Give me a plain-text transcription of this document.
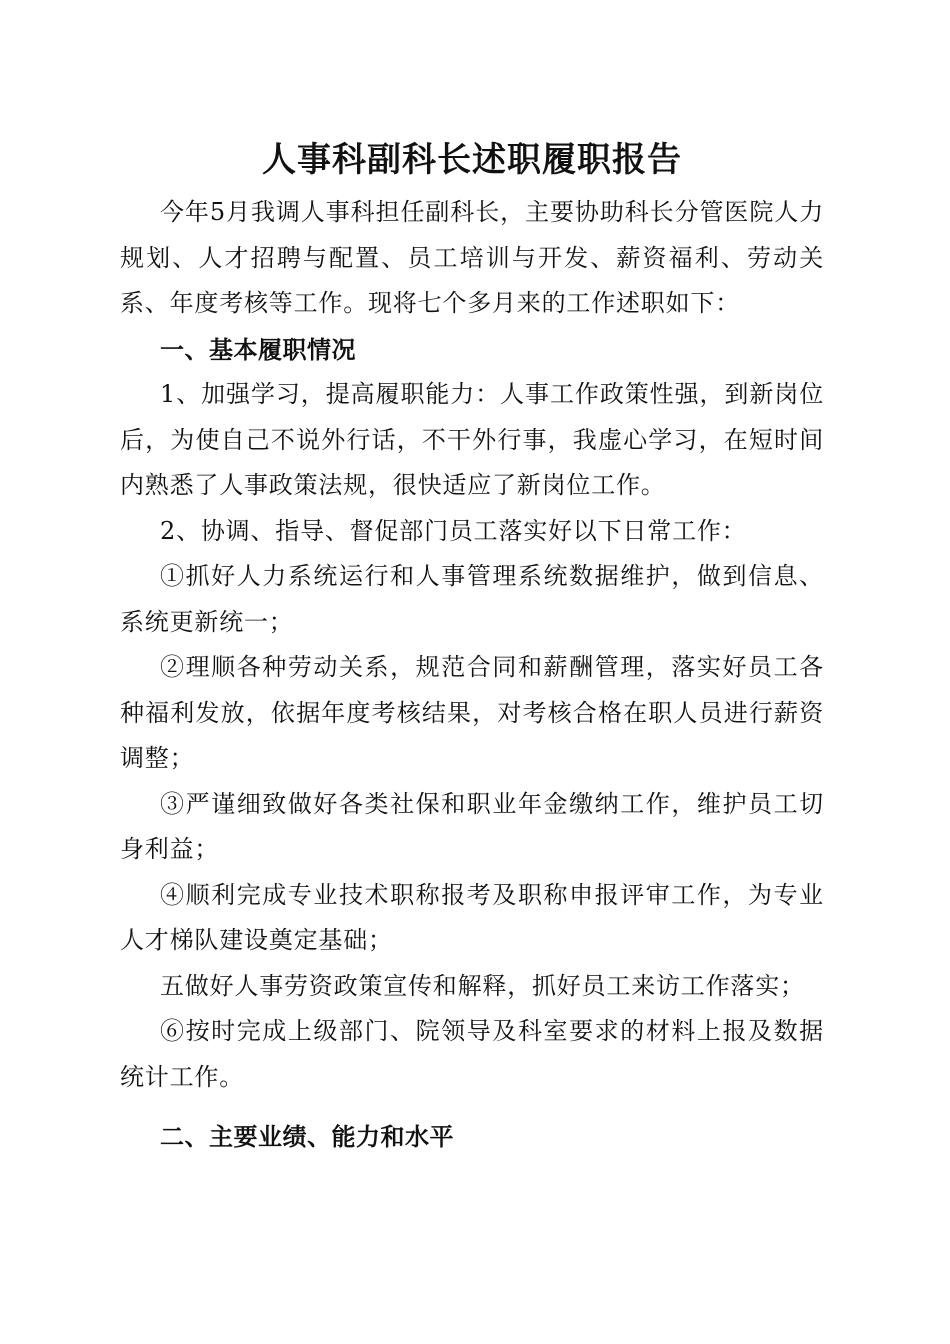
人事科副科长述职履职报告

今年5月我调人事科担任副科长，主要协助科长分管医院人力规划、人才招聘与配置、员工培训与开发、薪资福利、劳动关系、年度考核等工作。现将七个多月来的工作述职如下：

一、基本履职情况

1、加强学习，提高履职能力：人事工作政策性强，到新岗位后，为使自己不说外行话，不干外行事，我虚心学习，在短时间内熟悉了人事政策法规，很快适应了新岗位工作。

2、协调、指导、督促部门员工落实好以下日常工作：

①抓好人力系统运行和人事管理系统数据维护，做到信息、系统更新统一；

②理顺各种劳动关系，规范合同和薪酬管理，落实好员工各种福利发放，依据年度考核结果，对考核合格在职人员进行薪资调整；

③严谨细致做好各类社保和职业年金缴纳工作，维护员工切身利益；

④顺利完成专业技术职称报考及职称申报评审工作，为专业人才梯队建设奠定基础；

五做好人事劳资政策宣传和解释，抓好员工来访工作落实；

⑥按时完成上级部门、院领导及科室要求的材料上报及数据统计工作。

二、主要业绩、能力和水平
